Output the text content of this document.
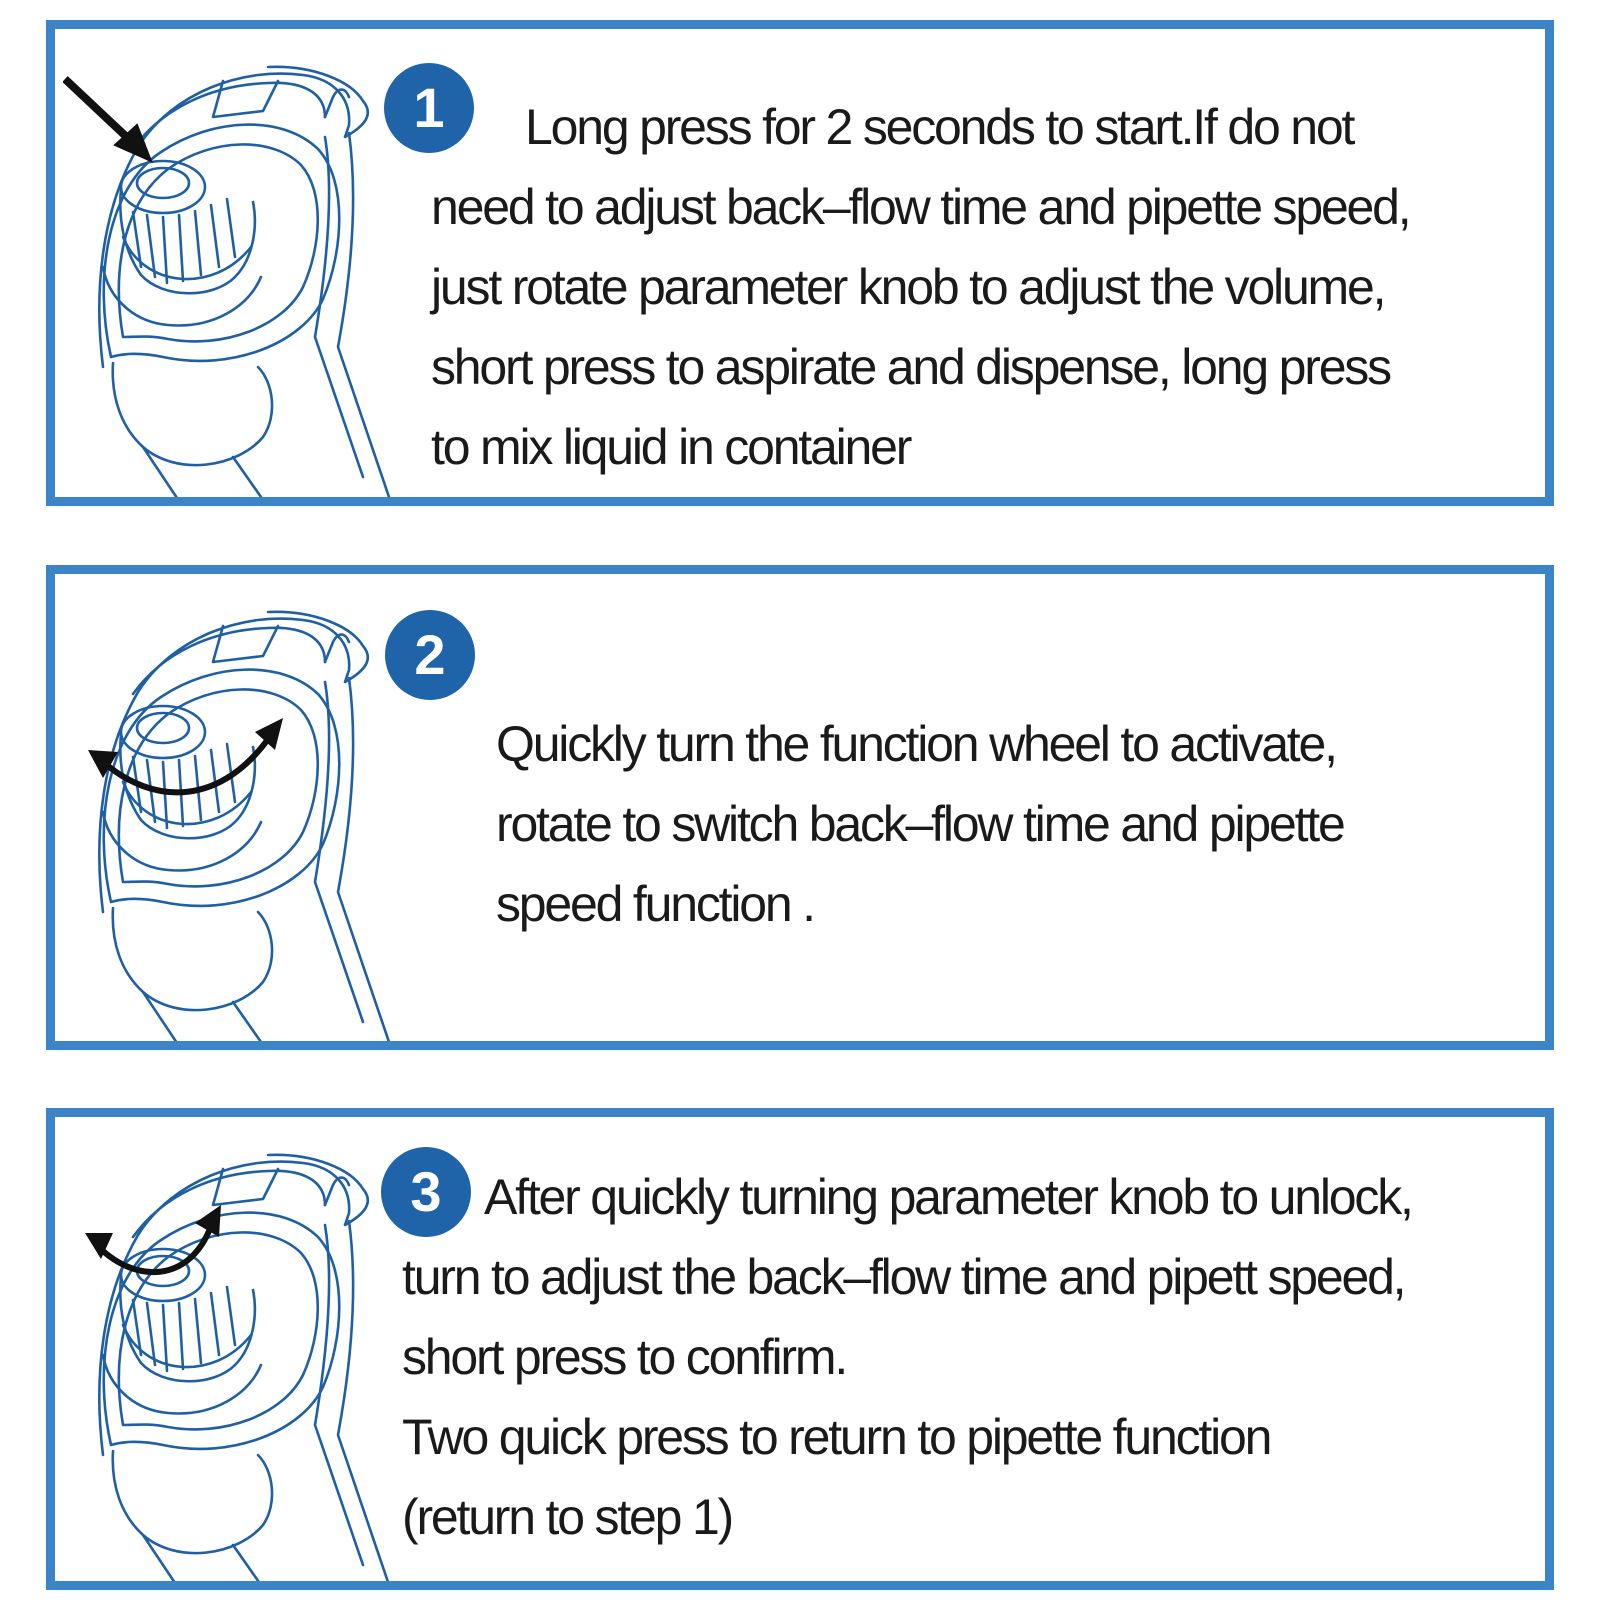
1	Long press for 2 seconds to start.If do not
need to adjust back–flow time and pipette speed,
just rotate parameter knob to adjust the volume,
short press to aspirate and dispense, long press
to mix liquid in container
2
Quickly turn the function wheel to activate,
rotate to switch back–flow time and pipette
speed function .
3 After quickly turning parameter knob to unlock,
turn to adjust the back–flow time and pipett speed,
short press to confirm.
Two quick press to return to pipette function
(return to step 1)
